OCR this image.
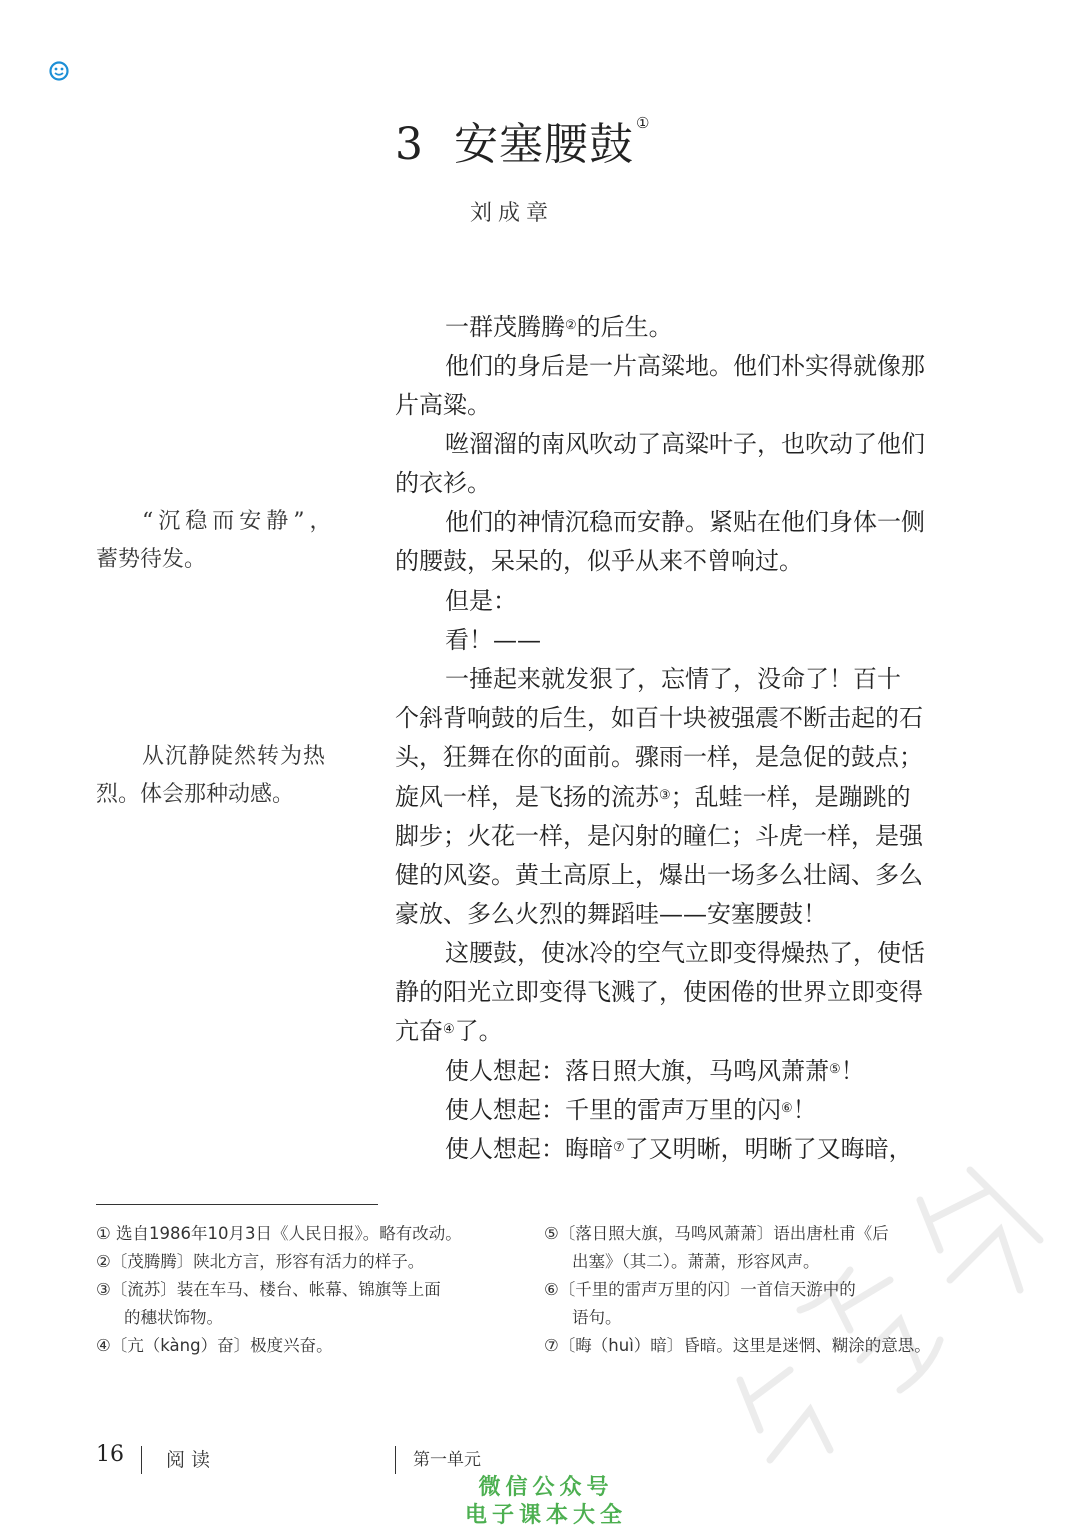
3 安塞腰鼓 ①
刘成章
一群茂腾腾②的后生。
他们的身后是一片高粱地。他们朴实得就像那
片高粱。
咝溜溜的南风吹动了高粱叶子，也吹动了他们
的衣衫。
他们的神情沉稳而安静。紧贴在他们身体一侧
的腰鼓，呆呆的，似乎从来不曾响过。
但是：
看！——
一捶起来就发狠了，忘情了，没命了！百十
个斜背响鼓的后生，如百十块被强震不断击起的石
头，狂舞在你的面前。骤雨一样，是急促的鼓点；
旋风一样，是飞扬的流苏③；乱蛙一样，是蹦跳的
脚步；火花一样，是闪射的瞳仁；斗虎一样，是强
健的风姿。黄土高原上，爆出一场多么壮阔、多么
豪放、多么火烈的舞蹈哇——安塞腰鼓！
这腰鼓，使冰冷的空气立即变得燥热了，使恬
静的阳光立即变得飞溅了，使困倦的世界立即变得
亢奋④了。
使人想起：落日照大旗，马鸣风萧萧⑤！
使人想起：千里的雷声万里的闪⑥！
使人想起：晦暗⑦了又明晰，明晰了又晦暗，
“沉稳而安静”，
蓄势待发。
从沉静陡然转为热
烈。体会那种动感。
① 选自1986年10月3日《人民日报》。略有改动。
②〔茂腾腾〕陕北方言，形容有活力的样子。
③〔流苏〕装在车马、楼台、帐幕、锦旗等上面
的穗状饰物。
④〔亢（kàng）奋〕极度兴奋。
⑤〔落日照大旗，马鸣风萧萧〕语出唐杜甫《后
出塞》（其二）。萧萧，形容风声。
⑥〔千里的雷声万里的闪〕一首信天游中的
语句。
⑦〔晦（huì）暗〕昏暗。这里是迷惘、糊涂的意思。
16 阅读	第一单元
微信公众号
电子课本大全
